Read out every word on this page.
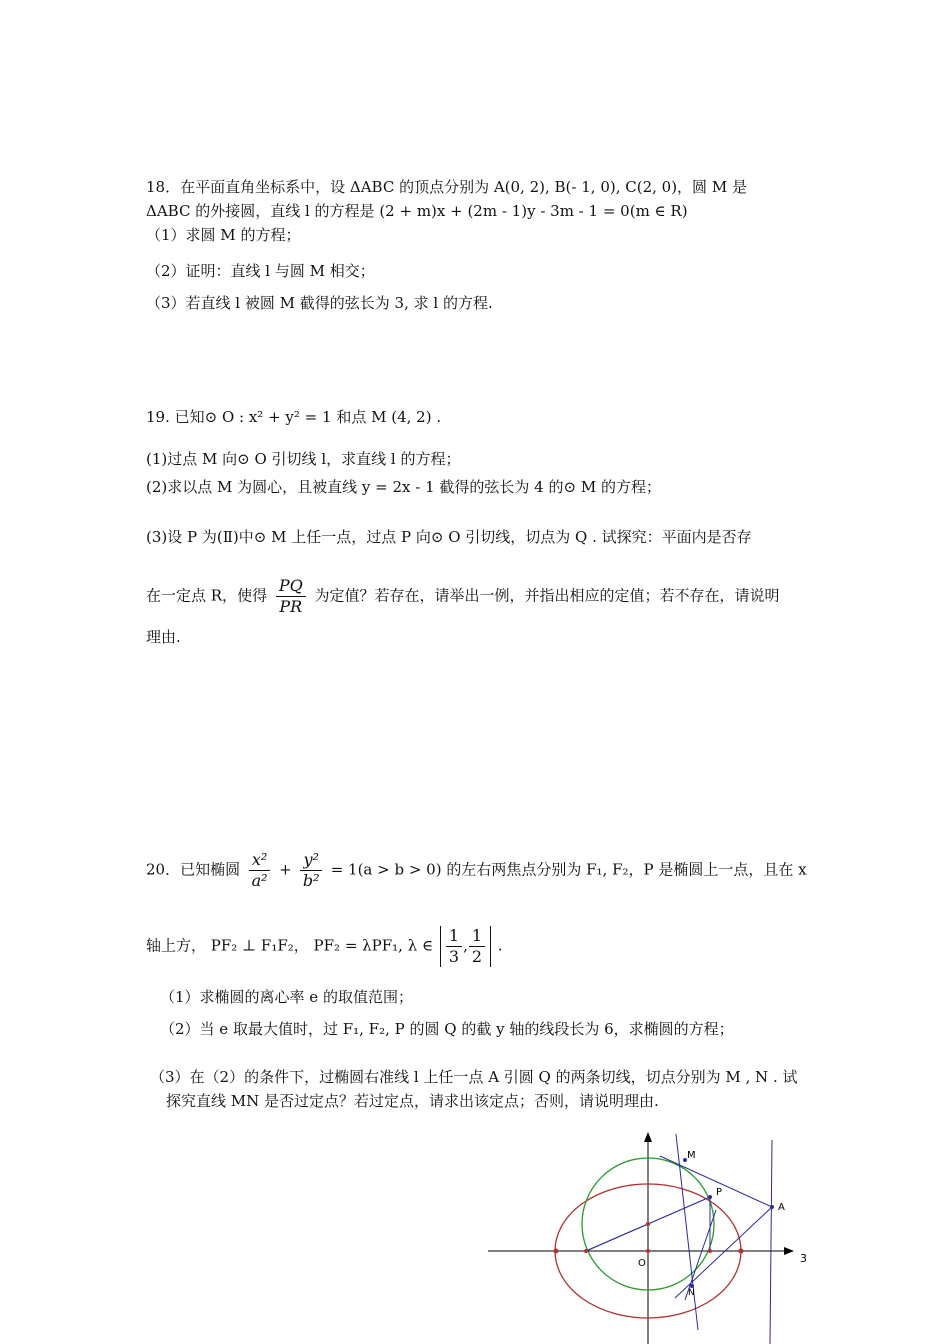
18．在平面直角坐标系中，设 ΔABC 的顶点分别为 A(0, 2), B(- 1, 0), C(2, 0)，圆 M 是
ΔABC 的外接圆，直线 l 的方程是 (2 + m)x + (2m - 1)y - 3m - 1 = 0(m ∈ R)
（1）求圆 M 的方程；
（2）证明：直线 l 与圆 M 相交；
（3）若直线 l 被圆 M 截得的弦长为 3, 求 l 的方程.
19. 已知⊙ O : x² + y² = 1 和点 M (4, 2) .
(1)过点 M 向⊙ O 引切线 l，求直线 l 的方程；
(2)求以点 M 为圆心，且被直线 y = 2x - 1 截得的弦长为 4 的⊙ M 的方程；
(3)设 P 为(Ⅱ)中⊙ M 上任一点，过点 P 向⊙ O 引切线，切点为 Q . 试探究：平面内是否存
在一定点 R，使得 $\frac{PQ}{PR}$ 为定值？若存在，请举出一例，并指出相应的定值；若不存在，请说明
理由.
20．已知椭圆 $\frac{\text{x²}}{\text{a²}} + \frac{\text{y²}}{\text{b²}} = 1(a > b > 0)$ 的左右两焦点分别为 F₁, F₂，P 是椭圆上一点，且在 x
轴上方， PF₂ ⊥ F₁F₂， PF₂ = λPF₁, λ ∈ $\frac{1}{3}$ , $\frac{1}{2}$ .
（1）求椭圆的离心率 e 的取值范围；
（2）当 e 取最大值时，过 F₁, F₂, P 的圆 Q 的截 y 轴的线段长为 6，求椭圆的方程；
（3）在（2）的条件下，过椭圆右准线 l 上任一点 A 引圆 Q 的两条切线，切点分别为 M , N . 试
探究直线 MN 是否过定点？若过定点，请求出该定点；否则，请说明理由.
M
P
A
O
N
3
